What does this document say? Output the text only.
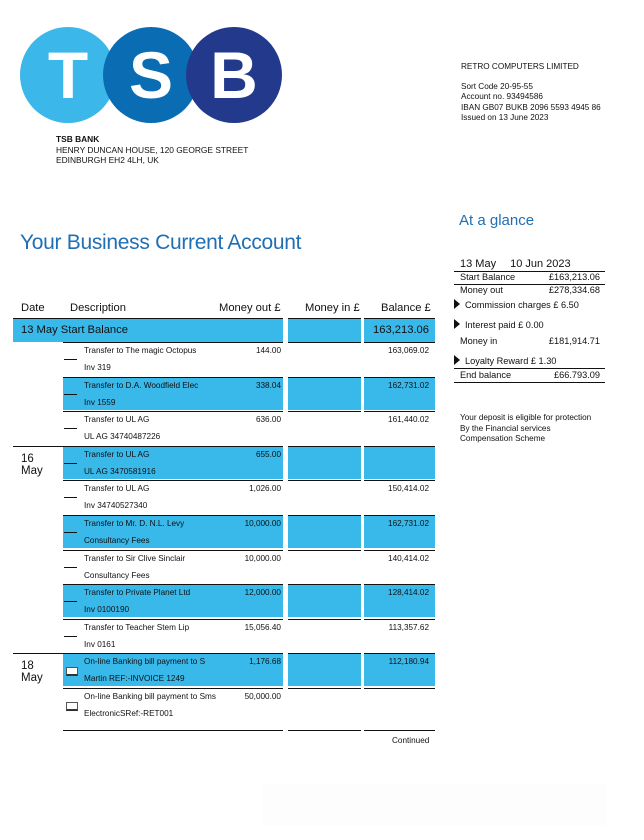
T S B
TSB BANK
HENRY DUNCAN HOUSE, 120 GEORGE STREET
EDINBURGH EH2 4LH, UK
RETRO COMPUTERS LIMITED
Sort Code 20-95-55
Account no. 93494586
IBAN GB07 BUKB 2096 5593 4945 86
Issued on 13 June 2023
Your Business Current Account
At a glance
13 May 10 Jun 2023
Start Balance	£163,213.06
Money out	£278,334.68
Commission charges £ 6.50
Interest paid £ 0.00
Money in	£181,914.71
Loyalty Reward £ 1.30
End balance	£66.793.09
Your deposit is eligible for protection
By the Financial services
Compensation Scheme
Date Description	Money out £ Money in £ Balance £
13 May Start Balance	163,213.06
Transfer to The magic Octopus
Inv 319
144.00	163,069.02
Transfer to D.A. Woodfield Elec
Inv 1559
338.04	162,731.02
Transfer to UL AG
UL AG 34740487226
636.00	161,440.02
16 May
Transfer to UL AG
UL AG 3470581916
655.00
Transfer to UL AG
Inv 34740527340
1,026.00	150,414.02
Transfer to Mr. D. N.L. Levy
Consultancy Fees
10,000.00	162,731.02
Transfer to Sir Clive Sinclair
Consultancy Fees
10,000.00	140,414.02
Transfer to Private Planet Ltd
Inv 0100190
12,000.00	128,414.02
Transfer to Teacher Stem Lip
Inv 0161
15,056.40	113,357.62
18 May
On-line Banking bill payment to S
Martin REF:-INVOICE 1249
1,176.68	112,180.94
On-line Banking bill payment to Sms
ElectronicSRef:-RET001
50,000.00
Continued
